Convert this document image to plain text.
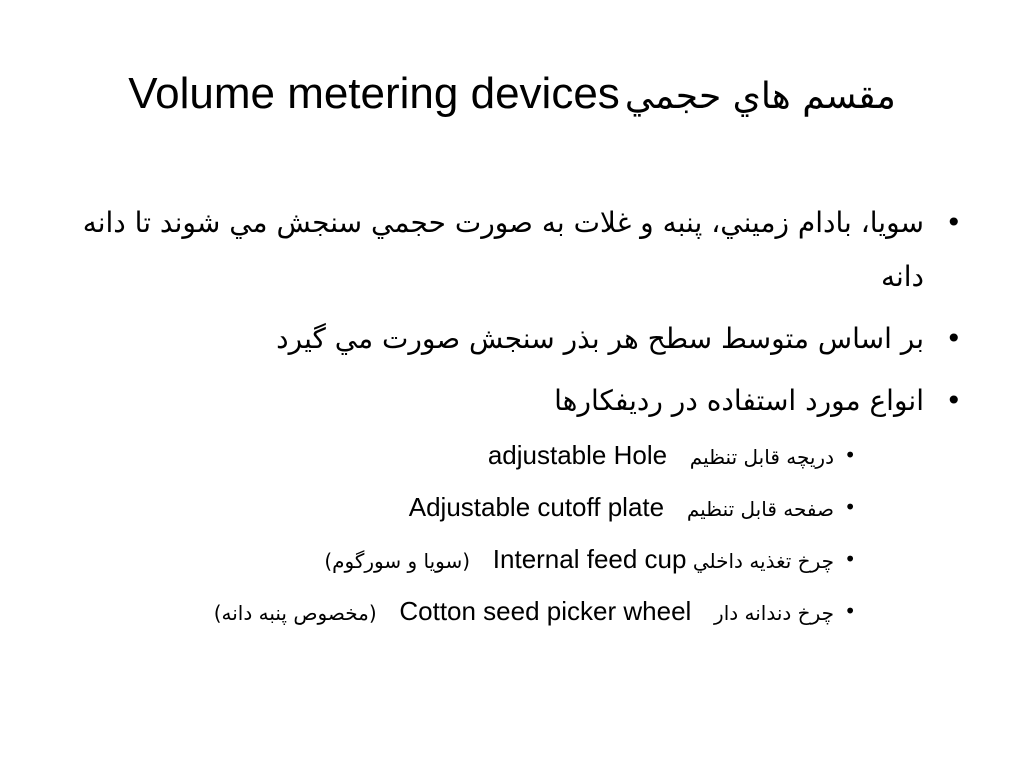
Volume metering devices مقسم هاي حجمي
• سويا، بادام زميني، پنبه و غلات به صورت حجمي سنجش مي شوند تا دانه دانه
• بر اساس متوسط سطح هر بذر سنجش صورت مي گيرد
• انواع مورد استفاده در رديفكارها
• دريچه قابل تنظيم  adjustable Hole
• صفحه قابل تنظيم  Adjustable cutoff plate
• چرخ تغذيه داخلي Internal feed cup  (سويا و سورگوم)
• چرخ دندانه دار  Cotton seed picker wheel  (مخصوص پنبه دانه)
